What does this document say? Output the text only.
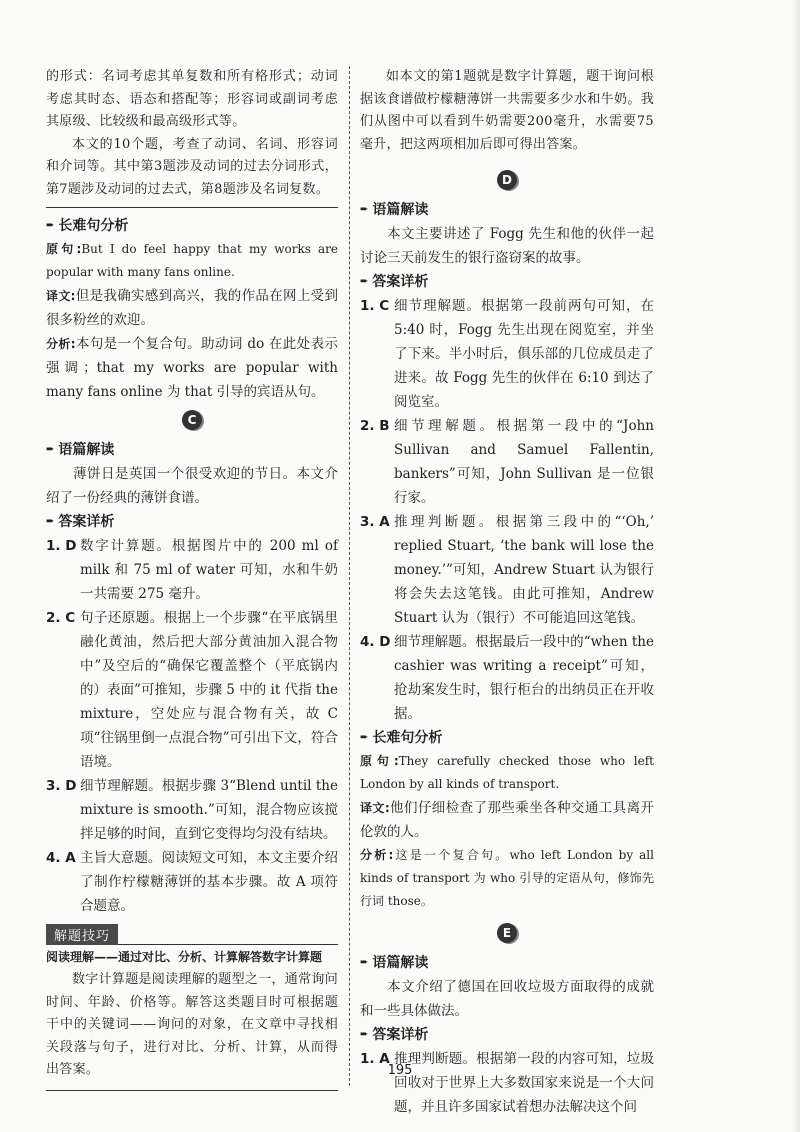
的形式：名词考虑其单复数和所有格形式；动词考虑其时态、语态和搭配等；形容词或副词考虑其原级、比较级和最高级形式等。

本文的10个题，考查了动词、名词、形容词和介词等。其中第3题涉及动词的过去分词形式，第7题涉及动词的过去式，第8题涉及名词复数。

➨ 长难句分析

原句:But I do feel happy that my works are popular with many fans online.

译文:但是我确实感到高兴，我的作品在网上受到很多粉丝的欢迎。

分析:本句是一个复合句。助动词 do 在此处表示强调；that my works are popular with many fans online 为 that 引导的宾语从句。

C
➨ 语篇解读

薄饼日是英国一个很受欢迎的节日。本文介绍了一份经典的薄饼食谱。

➨ 答案详析
1. D 数字计算题。根据图片中的 200 ml of milk 和 75 ml of water 可知，水和牛奶一共需要 275 毫升。
2. C 句子还原题。根据上一个步骤“在平底锅里融化黄油，然后把大部分黄油加入混合物中”及空后的“确保它覆盖整个（平底锅内的）表面”可推知，步骤 5 中的 it 代指 the mixture，空处应与混合物有关，故 C 项“往锅里倒一点混合物”可引出下文，符合语境。
3. D 细节理解题。根据步骤 3“Blend until the mixture is smooth.”可知，混合物应该搅拌足够的时间，直到它变得均匀没有结块。
4. A 主旨大意题。阅读短文可知，本文主要介绍了制作柠檬糖薄饼的基本步骤。故 A 项符合题意。
解题技巧
阅读理解——通过对比、分析、计算解答数字计算题

数字计算题是阅读理解的题型之一，通常询问时间、年龄、价格等。解答这类题目时可根据题干中的关键词——询问的对象，在文章中寻找相关段落与句子，进行对比、分析、计算，从而得出答案。

如本文的第1题就是数字计算题，题干询问根据该食谱做柠檬糖薄饼一共需要多少水和牛奶。我们从图中可以看到牛奶需要200毫升，水需要75毫升，把这两项相加后即可得出答案。

D
➨ 语篇解读

本文主要讲述了 Fogg 先生和他的伙伴一起讨论三天前发生的银行盗窃案的故事。

➨ 答案详析
1. C 细节理解题。根据第一段前两句可知，在 5:40 时，Fogg 先生出现在阅览室，并坐了下来。半小时后，俱乐部的几位成员走了进来。故 Fogg 先生的伙伴在 6:10 到达了阅览室。
2. B 细节理解题。根据第一段中的“John Sullivan and Samuel Fallentin, bankers”可知，John Sullivan 是一位银行家。
3. A 推理判断题。根据第三段中的“‘Oh,’ replied Stuart, ‘the bank will lose the money.’”可知，Andrew Stuart 认为银行将会失去这笔钱。由此可推知，Andrew Stuart 认为（银行）不可能追回这笔钱。
4. D 细节理解题。根据最后一段中的“when the cashier was writing a receipt”可知，抢劫案发生时，银行柜台的出纳员正在开收据。
➨ 长难句分析

原句:They carefully checked those who left London by all kinds of transport.

译文:他们仔细检查了那些乘坐各种交通工具离开伦敦的人。

分析:这是一个复合句。who left London by all kinds of transport 为 who 引导的定语从句，修饰先行词 those。

E
➨ 语篇解读

本文介绍了德国在回收垃圾方面取得的成就和一些具体做法。

➨ 答案详析
1. A 推理判断题。根据第一段的内容可知，垃圾回收对于世界上大多数国家来说是一个大问题，并且许多国家试着想办法解决这个问
195
